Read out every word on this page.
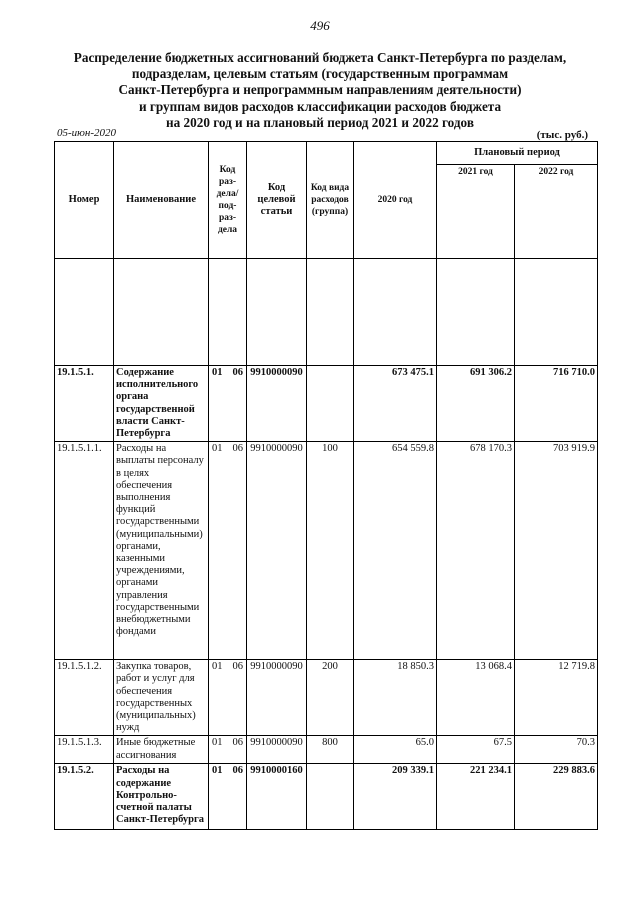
496
Распределение бюджетных ассигнований бюджета Санкт-Петербурга по разделам,
подразделам, целевым статьям (государственным программам
Санкт-Петербурга и непрограммным направлениям деятельности)
и группам видов расходов классификации расходов бюджета
на 2020 год и на плановый период 2021 и 2022 годов
05-июн-2020	(тыс. руб.)
Номер	Наименование	Код раз- дела/ под- раз- дела	Код целевой статьи	Код вида расходов (группа)	2020 год	Плановый период	
						2021 год	2022 год

19.1.5.1.	Содержание исполнительного органа государственной власти Санкт-Петербурга	01 06	9910000090		673 475.1	691 306.2	716 710.0
19.1.5.1.1.	Расходы на выплаты персоналу в целях обеспечения выполнения функций государственными (муниципальными) органами, казенными учреждениями, органами управления государственными внебюджетными фондами	01 06	9910000090	100	654 559.8	678 170.3	703 919.9
19.1.5.1.2.	Закупка товаров, работ и услуг для обеспечения государственных (муниципальных) нужд	01 06	9910000090	200	18 850.3	13 068.4	12 719.8
19.1.5.1.3.	Иные бюджетные ассигнования	01 06	9910000090	800	65.0	67.5	70.3
19.1.5.2.	Расходы на содержание Контрольно-счетной палаты Санкт-Петербурга	01 06	9910000160		209 339.1	221 234.1	229 883.6
